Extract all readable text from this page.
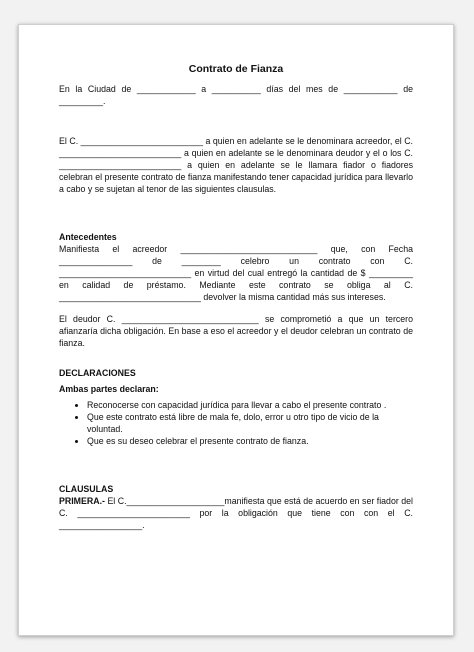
Contrato de Fianza

En la Ciudad de ____________ a __________ días del mes de ___________ de _________.

El C. _________________________ a quien en adelante se le denominara acreedor, el C. _________________________ a quien en adelante se le denominara deudor y el o los C. _________________________ a quien en adelante se le llamara fiador o fiadores celebran el presente contrato de fianza manifestando tener capacidad jurídica para llevarlo a cabo y se sujetan al tenor de las siguientes clausulas.

Antecedentes

Manifiesta el acreedor ____________________________ que, con Fecha _______________ de ________ celebro un contrato con C. ___________________________ en virtud del cual entregó la cantidad de $ _________ en calidad de préstamo. Mediante este contrato se obliga al C. _____________________________ devolver la misma cantidad más sus intereses.

El deudor C. ____________________________ se comprometió a que un tercero afianzaría dicha obligación. En base a eso el acreedor y el deudor celebran un contrato de fianza.

DECLARACIONES

Ambas partes declaran:

• Reconocerse con capacidad jurídica para llevar a cabo el presente contrato .
• Que este contrato está libre de mala fe, dolo, error u otro tipo de vicio de la voluntad.
• Que es su deseo celebrar el presente contrato de fianza.

CLAUSULAS

PRIMERA.- El C.____________________manifiesta que está de acuerdo en ser fiador del C. _______________________ por la obligación que tiene con con el C. _________________.
